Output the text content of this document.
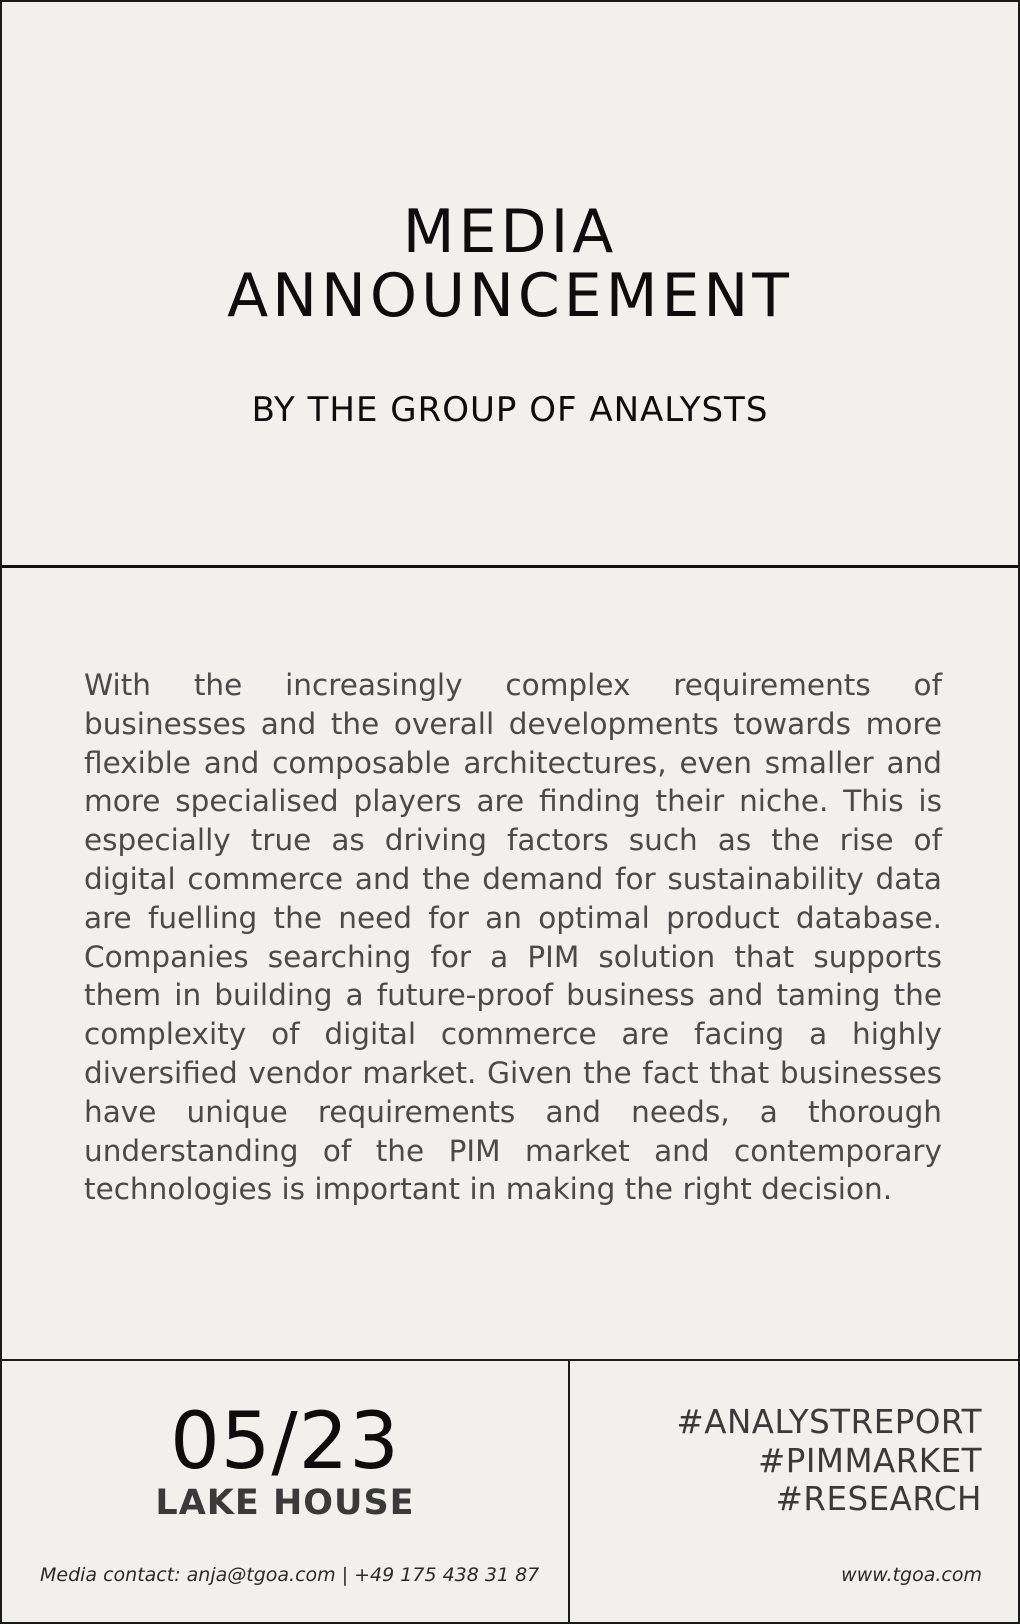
MEDIA
ANNOUNCEMENT

BY THE GROUP OF ANALYSTS

With the increasingly complex requirements of businesses and the overall developments towards more flexible and composable architectures, even smaller and more specialised players are finding their niche. This is especially true as driving factors such as the rise of digital commerce and the demand for sustainability data are fuelling the need for an optimal product database. Companies searching for a PIM solution that supports them in building a future-proof business and taming the complexity of digital commerce are facing a highly diversified vendor market. Given the fact that businesses have unique requirements and needs, a thorough understanding of the PIM market and contemporary technologies is important in making the right decision.

05/23

LAKE HOUSE

Media contact: anja@tgoa.com | +49 175 438 31 87

#ANALYSTREPORT
#PIMMARKET
#RESEARCH

www.tgoa.com
